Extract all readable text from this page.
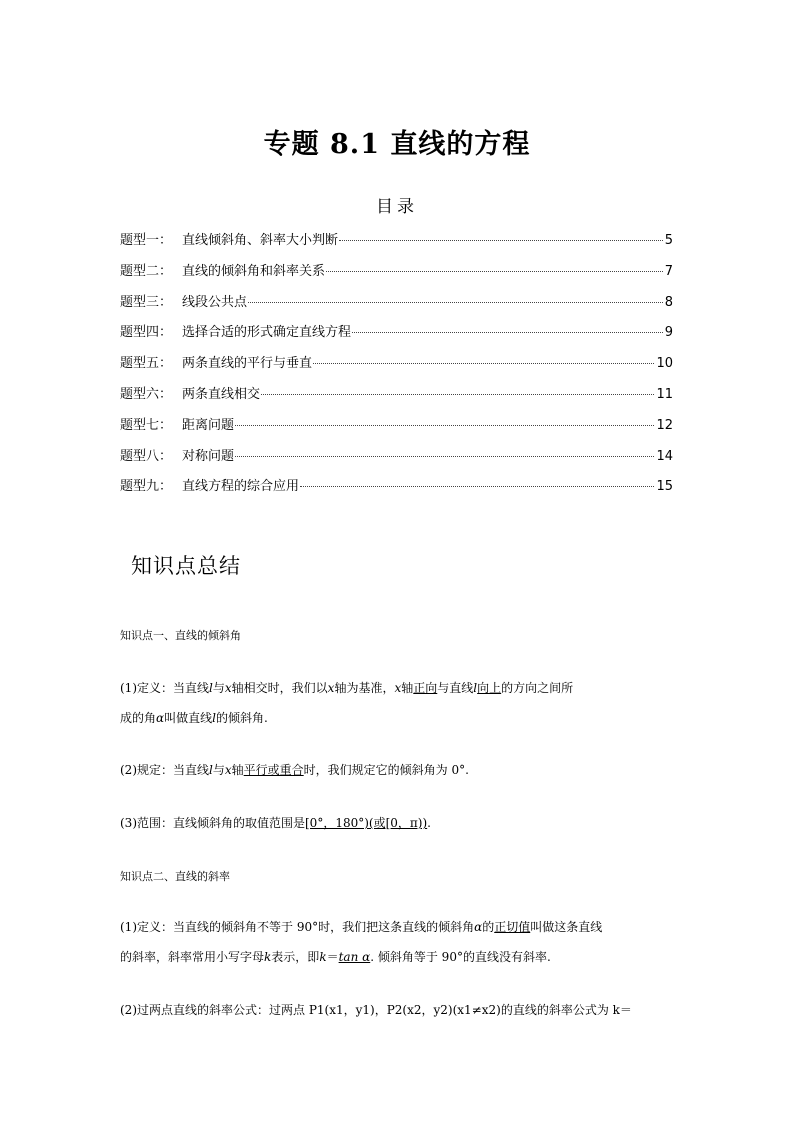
专题 8.1 直线的方程
目录
题型一： 直线倾斜角、斜率大小判断	5
题型二： 直线的倾斜角和斜率关系	7
题型三： 线段公共点	8
题型四： 选择合适的形式确定直线方程	9
题型五： 两条直线的平行与垂直	10
题型六： 两条直线相交	11
题型七： 距离问题	12
题型八： 对称问题	14
题型九： 直线方程的综合应用	15
知识点总结
知识点一、直线的倾斜角
(1)定义：当直线l与x轴相交时，我们以x轴为基准，x轴正向与直线l向上的方向之间所
成的角α叫做直线l的倾斜角.
(2)规定：当直线l与x轴平行或重合时，我们规定它的倾斜角为 0°.
(3)范围：直线倾斜角的取值范围是[0°，180°)(或[0，π)).
知识点二、直线的斜率
(1)定义：当直线的倾斜角不等于 90°时，我们把这条直线的倾斜角α的正切值叫做这条直线
的斜率，斜率常用小写字母k表示，即k＝tan α. 倾斜角等于 90°的直线没有斜率.
(2)过两点直线的斜率公式：过两点 P1(x1，y1)，P2(x2，y2)(x1≠x2)的直线的斜率公式为 k＝
